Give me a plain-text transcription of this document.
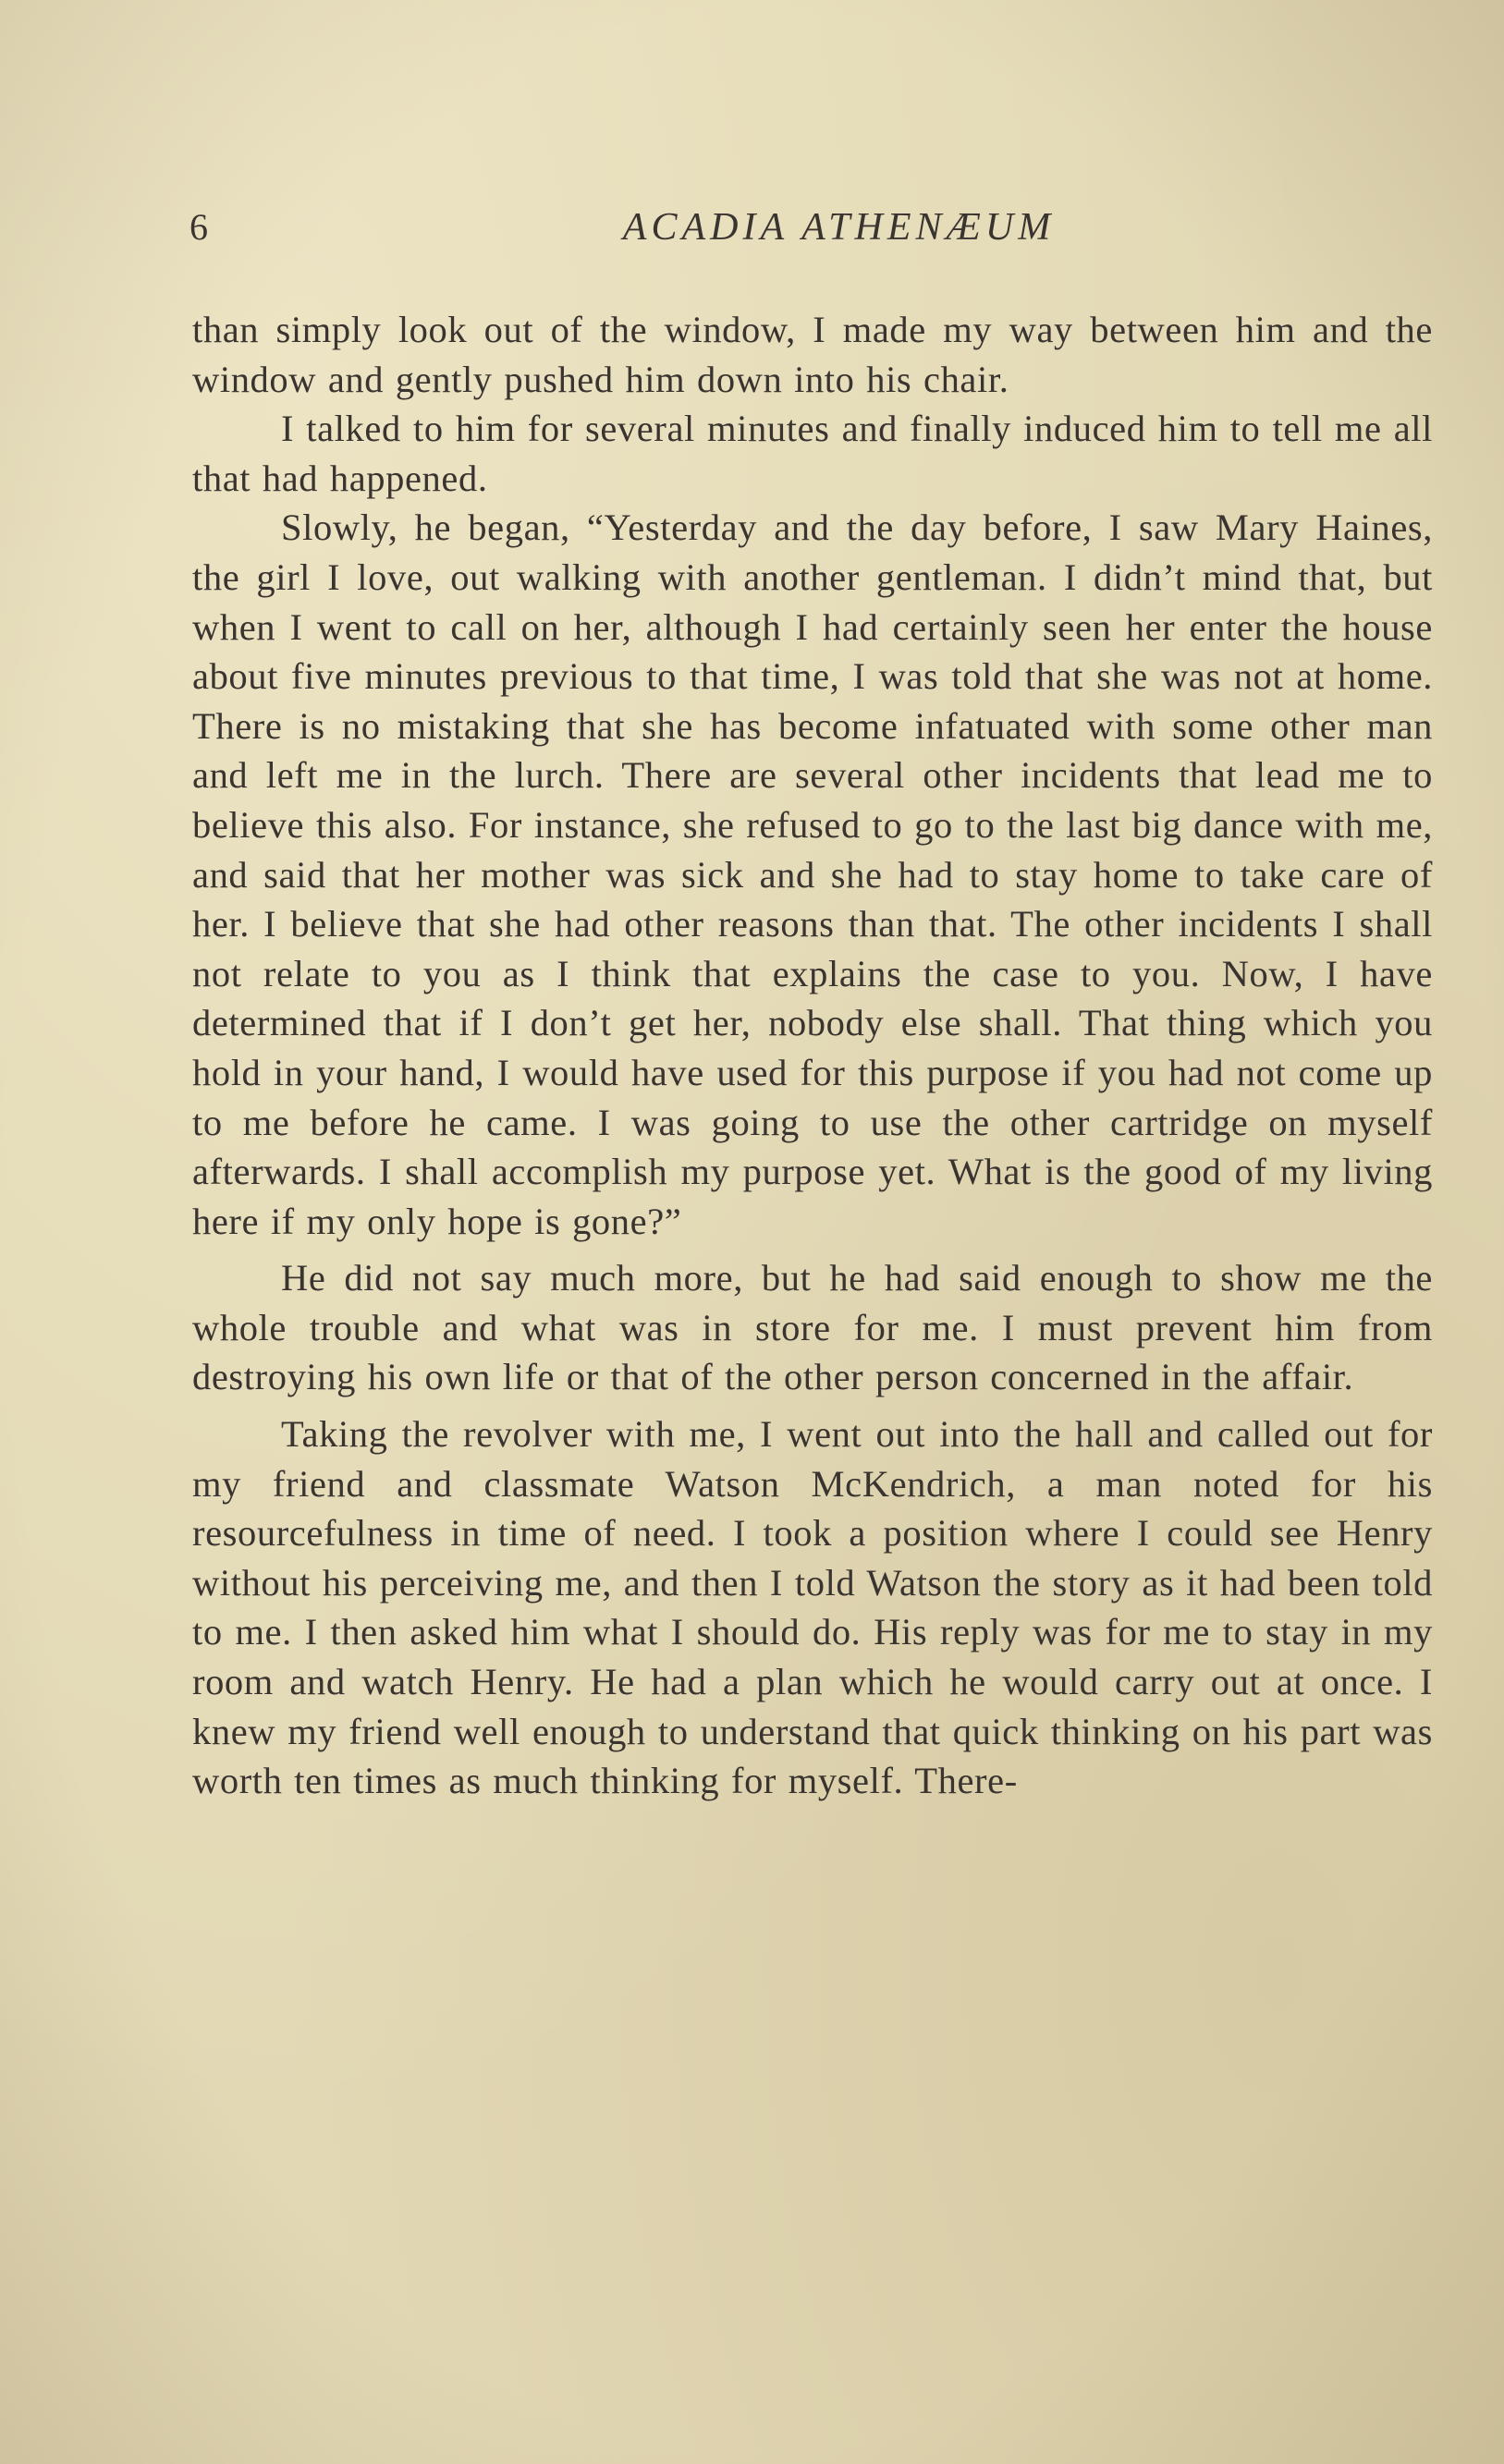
6	ACADIA ATHENÆUM

than simply look out of the window, I made my way between him and the window and gently pushed him down into his chair.

I talked to him for several minutes and finally induced him to tell me all that had happened.

Slowly, he began, “Yesterday and the day before, I saw Mary Haines, the girl I love, out walking with another gentleman. I didn’t mind that, but when I went to call on her, although I had certainly seen her enter the house about five minutes previous to that time, I was told that she was not at home. There is no mistaking that she has become infatuated with some other man and left me in the lurch. There are several other incidents that lead me to believe this also. For instance, she refused to go to the last big dance with me, and said that her mother was sick and she had to stay home to take care of her. I believe that she had other reasons than that. The other incidents I shall not relate to you as I think that explains the case to you. Now, I have determined that if I don’t get her, nobody else shall. That thing which you hold in your hand, I would have used for this purpose if you had not come up to me before he came. I was going to use the other cartridge on myself afterwards. I shall accomplish my purpose yet. What is the good of my living here if my only hope is gone?”

He did not say much more, but he had said enough to show me the whole trouble and what was in store for me. I must prevent him from destroying his own life or that of the other person concerned in the affair.

Taking the revolver with me, I went out into the hall and called out for my friend and classmate Watson McKendrich, a man noted for his resourcefulness in time of need. I took a position where I could see Henry without his perceiving me, and then I told Watson the story as it had been told to me. I then asked him what I should do. His reply was for me to stay in my room and watch Henry. He had a plan which he would carry out at once. I knew my friend well enough to understand that quick thinking on his part was worth ten times as much thinking for myself. There-
